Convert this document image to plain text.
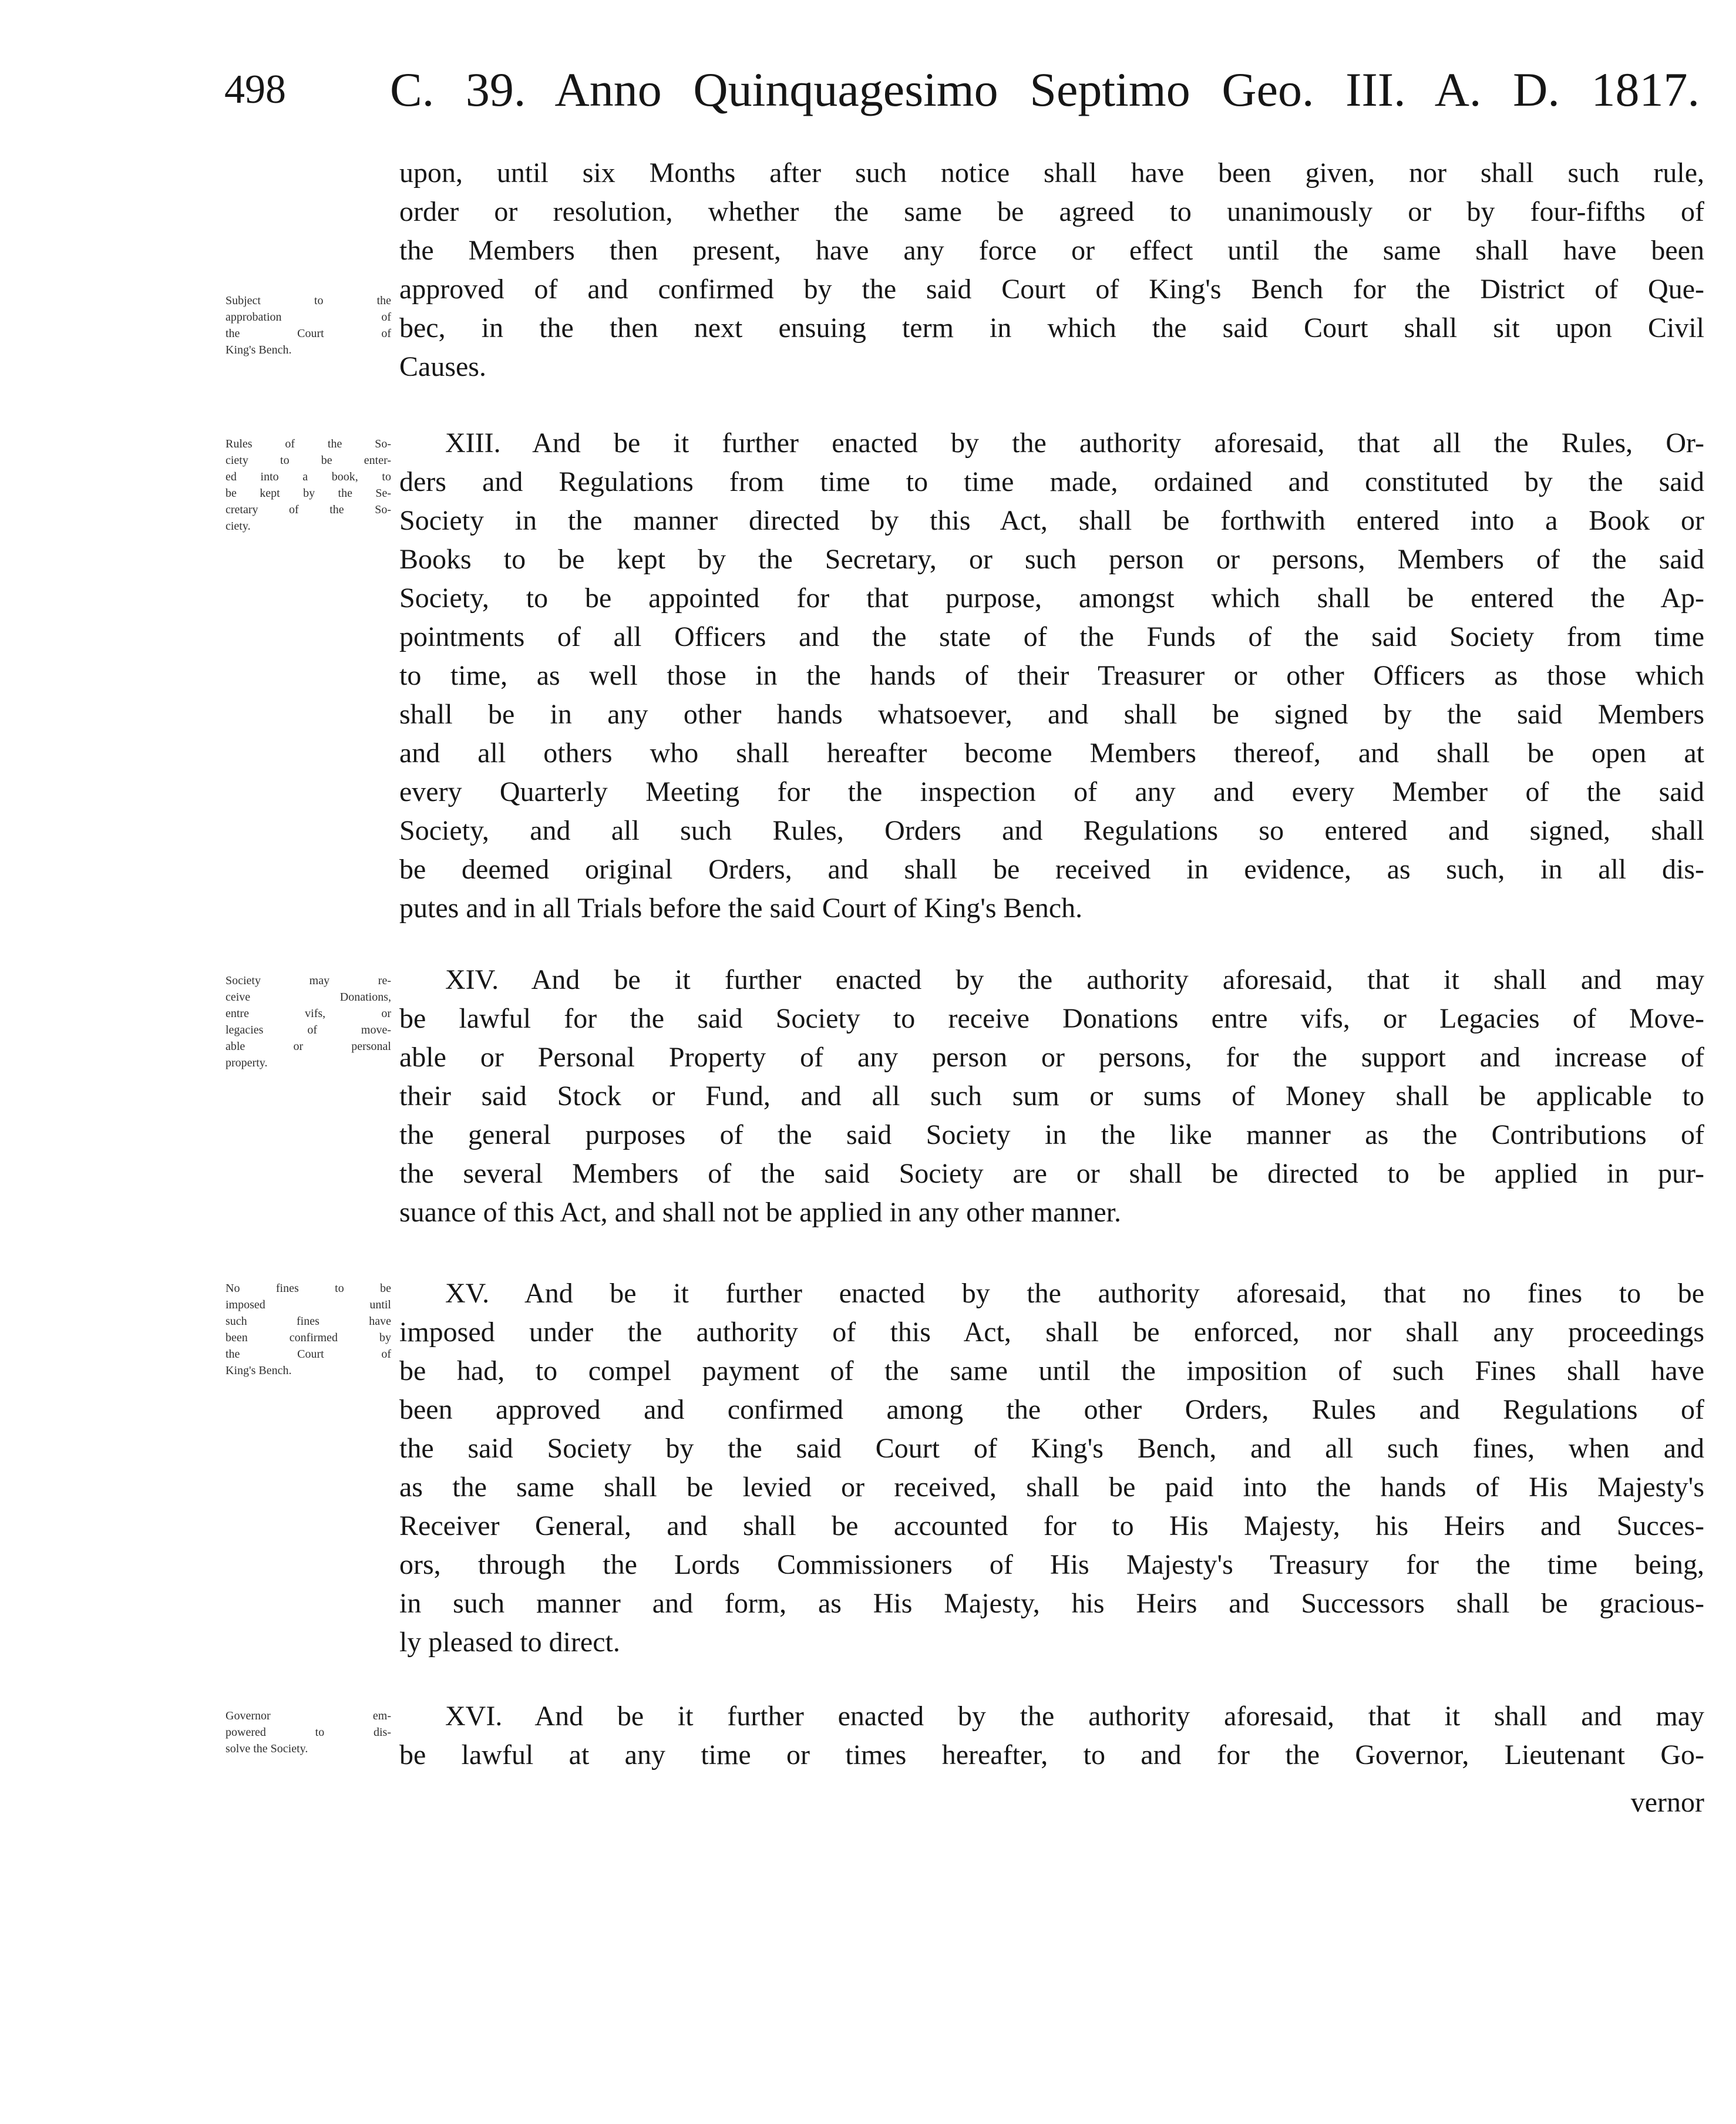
498 C. 39. Anno Quinquagesimo Septimo Geo. III. A. D. 1817.
upon, until six Months after such notice shall have been given, nor shall such rule,
order or resolution, whether the same be agreed to unanimously or by four-fifths of
the Members then present, have any force or effect until the same shall have been
approved of and confirmed by the said Court of King's Bench for the District of Que-
bec, in the then next ensuing term in which the said Court shall sit upon Civil
Causes.
Subject to the
approbation of
the Court of
King's Bench.
XIII. And be it further enacted by the authority aforesaid, that all the Rules, Or-
ders and Regulations from time to time made, ordained and constituted by the said
Society in the manner directed by this Act, shall be forthwith entered into a Book or
Books to be kept by the Secretary, or such person or persons, Members of the said
Society, to be appointed for that purpose, amongst which shall be entered the Ap-
pointments of all Officers and the state of the Funds of the said Society from time
to time, as well those in the hands of their Treasurer or other Officers as those which
shall be in any other hands whatsoever, and shall be signed by the said Members
and all others who shall hereafter become Members thereof, and shall be open at
every Quarterly Meeting for the inspection of any and every Member of the said
Society, and all such Rules, Orders and Regulations so entered and signed, shall
be deemed original Orders, and shall be received in evidence, as such, in all dis-
putes and in all Trials before the said Court of King's Bench.
Rules of the So-
ciety to be enter-
ed into a book, to
be kept by the Se-
cretary of the So-
ciety.
XIV. And be it further enacted by the authority aforesaid, that it shall and may
be lawful for the said Society to receive Donations entre vifs, or Legacies of Move-
able or Personal Property of any person or persons, for the support and increase of
their said Stock or Fund, and all such sum or sums of Money shall be applicable to
the general purposes of the said Society in the like manner as the Contributions of
the several Members of the said Society are or shall be directed to be applied in pur-
suance of this Act, and shall not be applied in any other manner.
Society may re-
ceive Donations,
entre vifs, or
legacies of move-
able or personal
property.
XV. And be it further enacted by the authority aforesaid, that no fines to be
imposed under the authority of this Act, shall be enforced, nor shall any proceedings
be had, to compel payment of the same until the imposition of such Fines shall have
been approved and confirmed among the other Orders, Rules and Regulations of
the said Society by the said Court of King's Bench, and all such fines, when and
as the same shall be levied or received, shall be paid into the hands of His Majesty's
Receiver General, and shall be accounted for to His Majesty, his Heirs and Succes-
ors, through the Lords Commissioners of His Majesty's Treasury for the time being,
in such manner and form, as His Majesty, his Heirs and Successors shall be gracious-
ly pleased to direct.
No fines to be
imposed until
such fines have
been confirmed by
the Court of
King's Bench.
XVI. And be it further enacted by the authority aforesaid, that it shall and may
be lawful at any time or times hereafter, to and for the Governor, Lieutenant Go-
Governor em-
powered to dis-
solve the Society.
vernor
